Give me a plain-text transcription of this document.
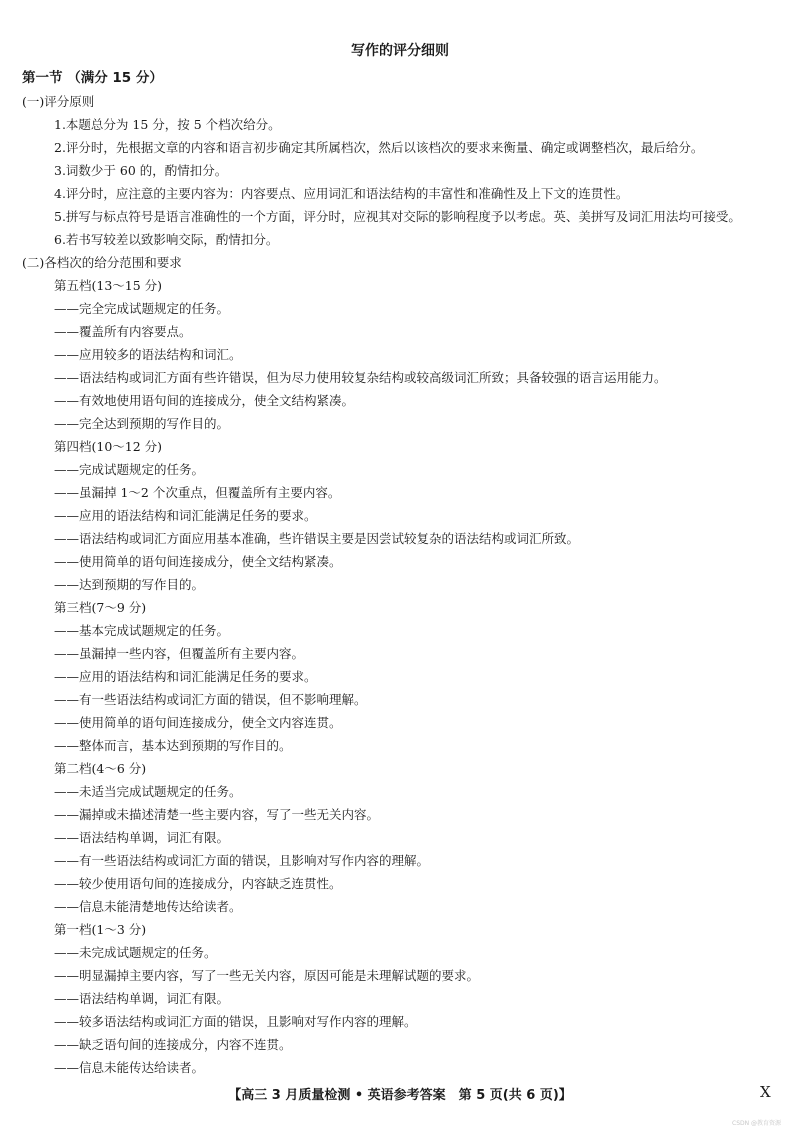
写作的评分细则
第一节 （满分 15 分）
(一)评分原则
1.本题总分为 15 分，按 5 个档次给分。
2.评分时，先根据文章的内容和语言初步确定其所属档次，然后以该档次的要求来衡量、确定或调整档次，最后给分。
3.词数少于 60 的，酌情扣分。
4.评分时，应注意的主要内容为：内容要点、应用词汇和语法结构的丰富性和准确性及上下文的连贯性。
5.拼写与标点符号是语言准确性的一个方面，评分时，应视其对交际的影响程度予以考虑。英、美拼写及词汇用法均可接受。
6.若书写较差以致影响交际，酌情扣分。
(二)各档次的给分范围和要求
第五档(13～15 分)
——完全完成试题规定的任务。
——覆盖所有内容要点。
——应用较多的语法结构和词汇。
——语法结构或词汇方面有些许错误，但为尽力使用较复杂结构或较高级词汇所致；具备较强的语言运用能力。
——有效地使用语句间的连接成分，使全文结构紧凑。
——完全达到预期的写作目的。
第四档(10～12 分)
——完成试题规定的任务。
——虽漏掉 1～2 个次重点，但覆盖所有主要内容。
——应用的语法结构和词汇能满足任务的要求。
——语法结构或词汇方面应用基本准确，些许错误主要是因尝试较复杂的语法结构或词汇所致。
——使用简单的语句间连接成分，使全文结构紧凑。
——达到预期的写作目的。
第三档(7～9 分)
——基本完成试题规定的任务。
——虽漏掉一些内容，但覆盖所有主要内容。
——应用的语法结构和词汇能满足任务的要求。
——有一些语法结构或词汇方面的错误，但不影响理解。
——使用简单的语句间连接成分，使全文内容连贯。
——整体而言，基本达到预期的写作目的。
第二档(4～6 分)
——未适当完成试题规定的任务。
——漏掉或未描述清楚一些主要内容，写了一些无关内容。
——语法结构单调，词汇有限。
——有一些语法结构或词汇方面的错误，且影响对写作内容的理解。
——较少使用语句间的连接成分，内容缺乏连贯性。
——信息未能清楚地传达给读者。
第一档(1～3 分)
——未完成试题规定的任务。
——明显漏掉主要内容，写了一些无关内容，原因可能是未理解试题的要求。
——语法结构单调，词汇有限。
——较多语法结构或词汇方面的错误，且影响对写作内容的理解。
——缺乏语句间的连接成分，内容不连贯。
——信息未能传达给读者。
【高三 3 月质量检测 • 英语参考答案　第 5 页(共 6 页)】	X
CSDN @教育资源
